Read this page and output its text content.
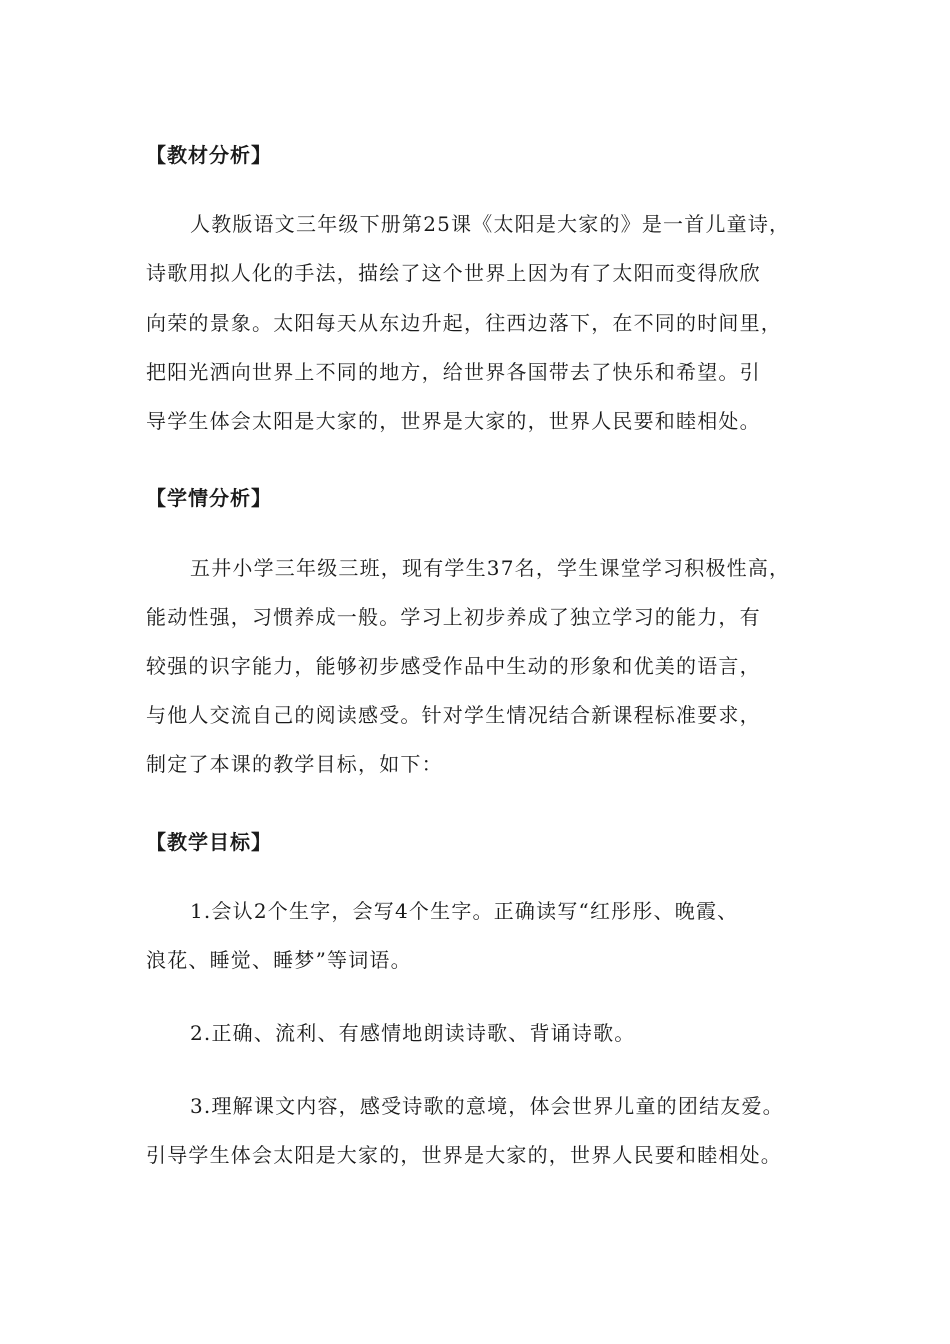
【教材分析】
人教版语文三年级下册第25课《太阳是大家的》是一首儿童诗，
诗歌用拟人化的手法，描绘了这个世界上因为有了太阳而变得欣欣
向荣的景象。太阳每天从东边升起，往西边落下，在不同的时间里，
把阳光洒向世界上不同的地方，给世界各国带去了快乐和希望。引
导学生体会太阳是大家的，世界是大家的，世界人民要和睦相处。
【学情分析】
五井小学三年级三班，现有学生37名，学生课堂学习积极性高，
能动性强，习惯养成一般。学习上初步养成了独立学习的能力，有
较强的识字能力，能够初步感受作品中生动的形象和优美的语言，
与他人交流自己的阅读感受。针对学生情况结合新课程标准要求，
制定了本课的教学目标，如下：
【教学目标】
1.会认2个生字，会写4个生字。正确读写“红彤彤、晚霞、
浪花、睡觉、睡梦”等词语。
2.正确、流利、有感情地朗读诗歌、背诵诗歌。
3.理解课文内容，感受诗歌的意境，体会世界儿童的团结友爱。
引导学生体会太阳是大家的，世界是大家的，世界人民要和睦相处。
